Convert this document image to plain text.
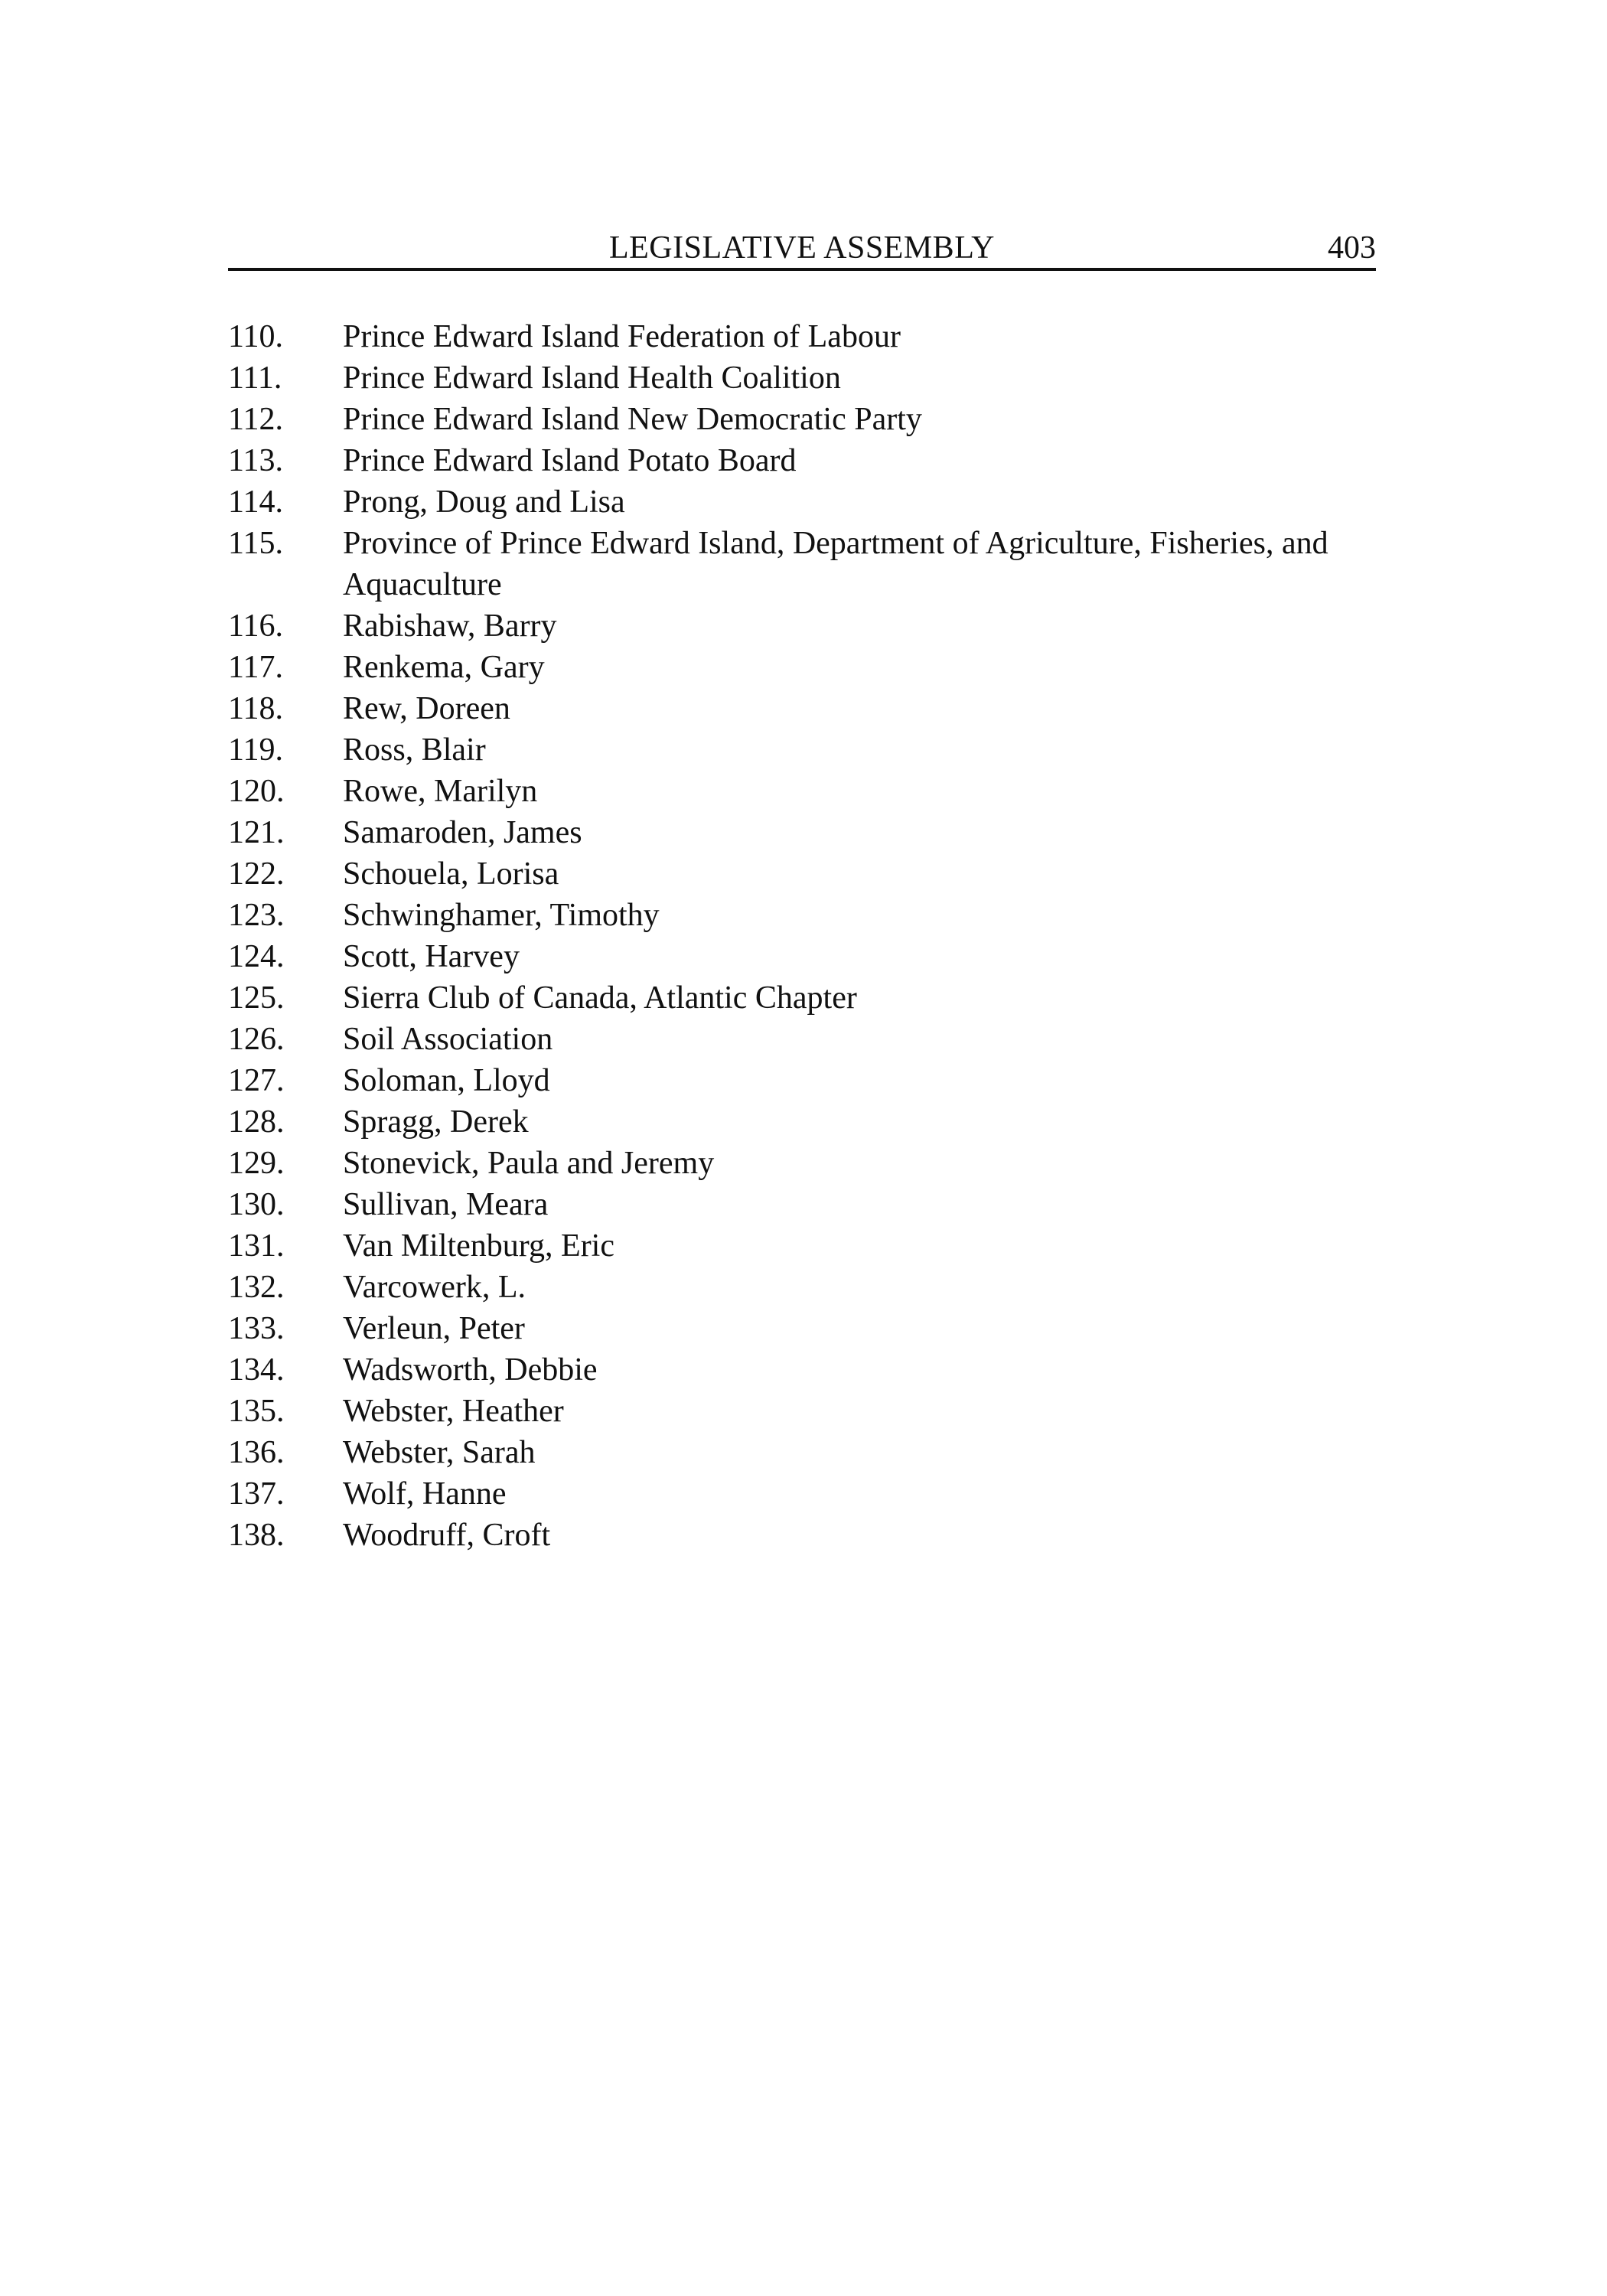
LEGISLATIVE ASSEMBLY	403
110.	Prince Edward Island Federation of Labour
111.	Prince Edward Island Health Coalition
112.	Prince Edward Island New Democratic Party
113.	Prince Edward Island Potato Board
114.	Prong, Doug and Lisa
115.	Province of Prince Edward Island, Department of Agriculture, Fisheries, and Aquaculture
116.	Rabishaw, Barry
117.	Renkema, Gary
118.	Rew, Doreen
119.	Ross, Blair
120.	Rowe, Marilyn
121.	Samaroden, James
122.	Schouela, Lorisa
123.	Schwinghamer, Timothy
124.	Scott, Harvey
125.	Sierra Club of Canada, Atlantic Chapter
126.	Soil Association
127.	Soloman, Lloyd
128.	Spragg, Derek
129.	Stonevick, Paula and Jeremy
130.	Sullivan, Meara
131.	Van Miltenburg, Eric
132.	Varcowerk, L.
133.	Verleun, Peter
134.	Wadsworth, Debbie
135.	Webster, Heather
136.	Webster, Sarah
137.	Wolf, Hanne
138.	Woodruff, Croft
